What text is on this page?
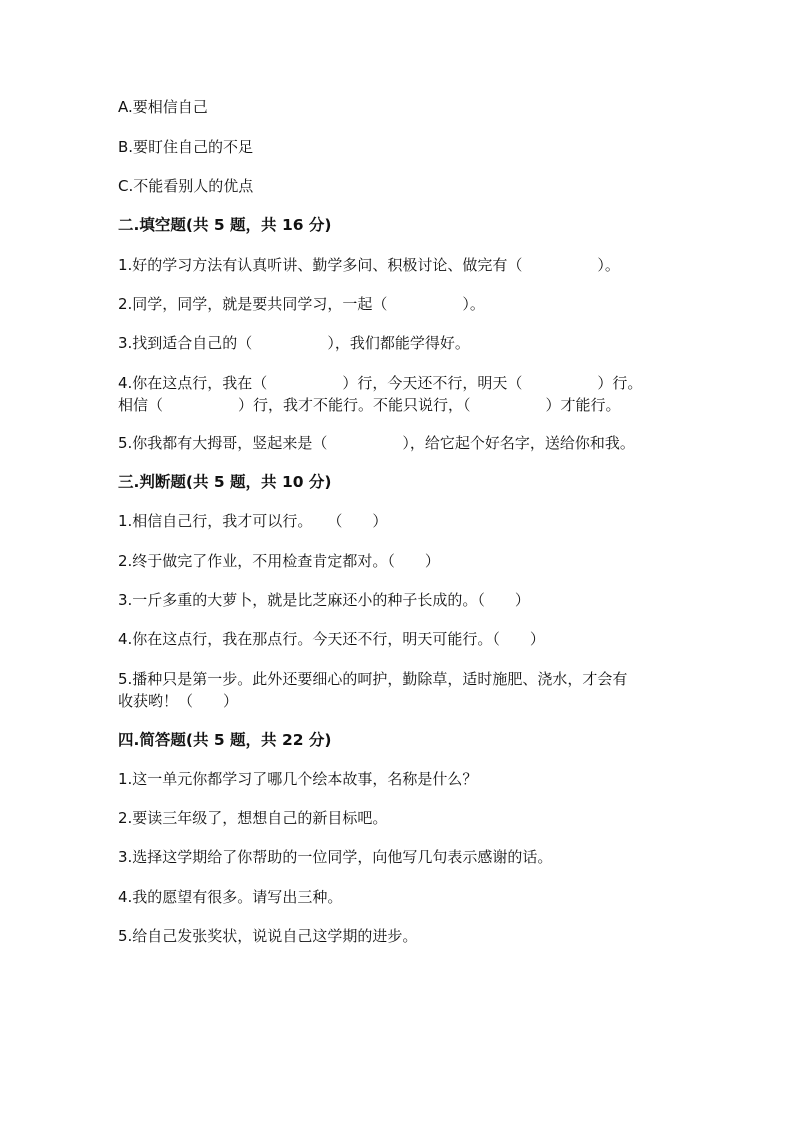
A.要相信自己
B.要盯住自己的不足
C.不能看别人的优点
二.填空题(共 5 题，共 16 分)
1.好的学习方法有认真听讲、勤学多问、积极讨论、做完有（　　　　　）。
2.同学，同学，就是要共同学习，一起（　　　　　）。
3.找到适合自己的（　　　　　），我们都能学得好。
4.你在这点行，我在（　　　　　）行，今天还不行，明天（　　　　　）行。
相信（　　　　　）行，我才不能行。不能只说行，（　　　　　）才能行。
5.你我都有大拇哥，竖起来是（　　　　　），给它起个好名字，送给你和我。
三.判断题(共 5 题，共 10 分)
1.相信自己行，我才可以行。　　（　　）
2.终于做完了作业，不用检查肯定都对。（　　）
3.一斤多重的大萝卜，就是比芝麻还小的种子长成的。（　　）
4.你在这点行，我在那点行。今天还不行，明天可能行。（　　）
5.播种只是第一步。此外还要细心的呵护，勤除草，适时施肥、浇水，才会有
收获哟！（　　）
四.简答题(共 5 题，共 22 分)
1.这一单元你都学习了哪几个绘本故事，名称是什么？
2.要读三年级了，想想自己的新目标吧。
3.选择这学期给了你帮助的一位同学，向他写几句表示感谢的话。
4.我的愿望有很多。请写出三种。
5.给自己发张奖状，说说自己这学期的进步。
